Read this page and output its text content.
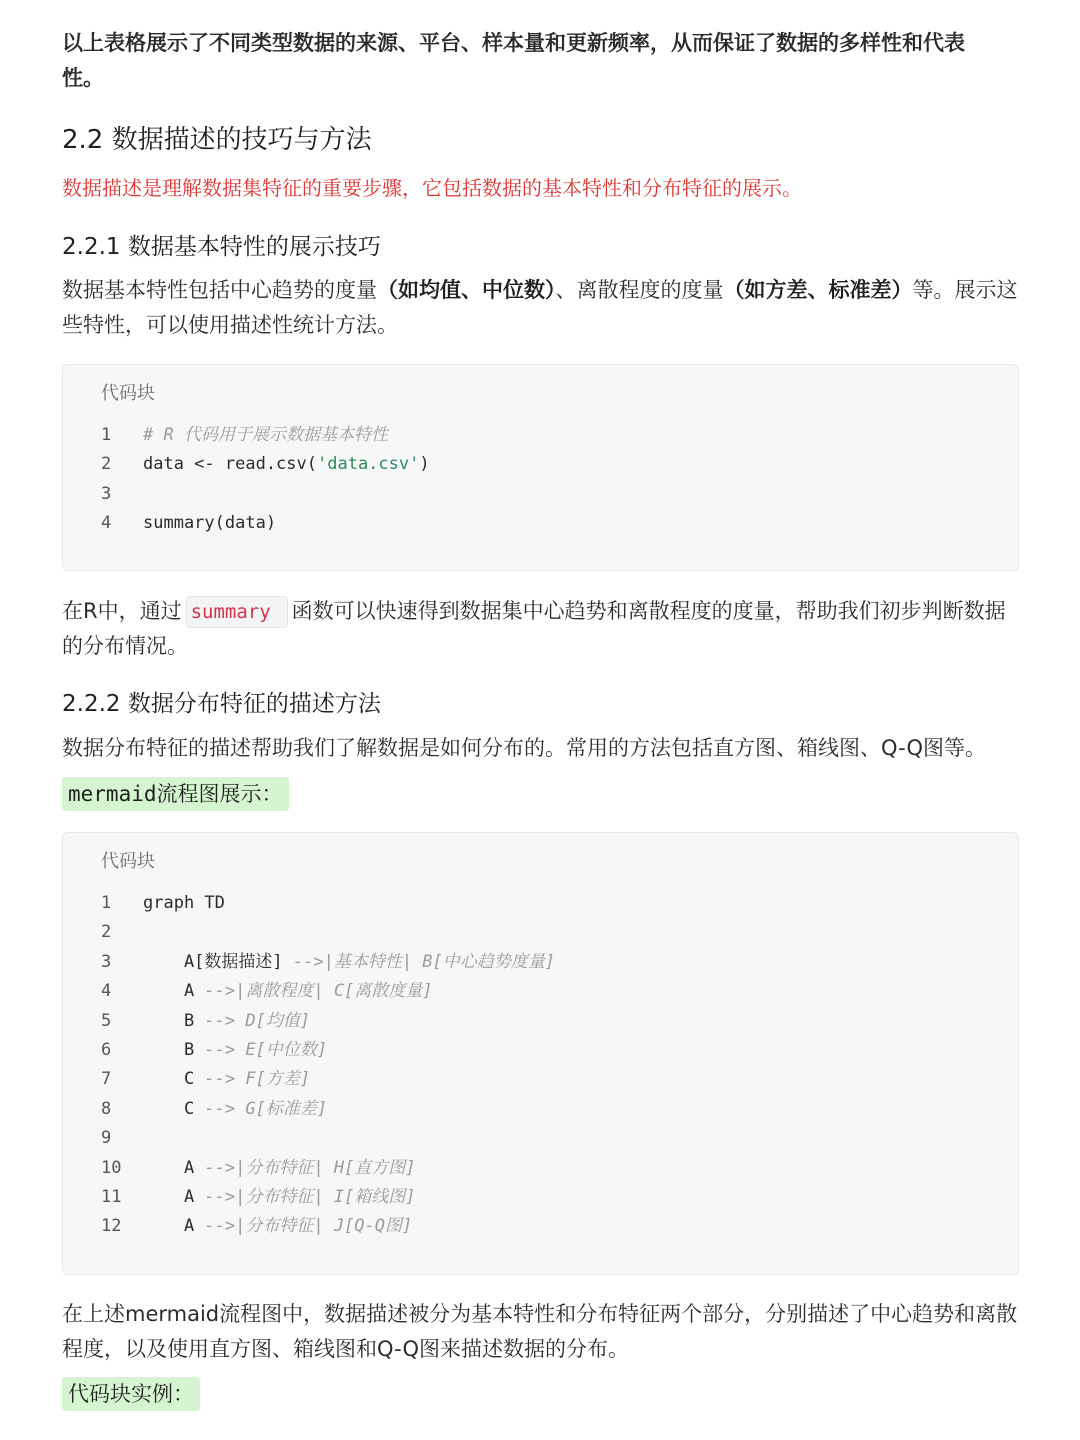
以上表格展示了不同类型数据的来源、平台、样本量和更新频率，从而保证了数据的多样性和代表性。

2.2 数据描述的技巧与方法

数据描述是理解数据集特征的重要步骤，它包括数据的基本特性和分布特征的展示。

2.2.1 数据基本特性的展示技巧

数据基本特性包括中心趋势的度量（如均值、中位数）、离散程度的度量（如方差、标准差）等。展示这些特性，可以使用描述性统计方法。

代码块
1	# R 代码用于展示数据基本特性
2	data <- read.csv('data.csv')
3
4	summary(data)

在R中，通过 summary 函数可以快速得到数据集中心趋势和离散程度的度量，帮助我们初步判断数据的分布情况。

2.2.2 数据分布特征的描述方法

数据分布特征的描述帮助我们了解数据是如何分布的。常用的方法包括直方图、箱线图、Q-Q图等。

mermaid流程图展示：
代码块
1	graph TD
2
3	A[数据描述] -->|基本特性| B[中心趋势度量]
4	A -->|离散程度| C[离散度量]
5	B --> D[均值]
6	B --> E[中位数]
7	C --> F[方差]
8	C --> G[标准差]
9
10	A -->|分布特征| H[直方图]
11	A -->|分布特征| I[箱线图]
12	A -->|分布特征| J[Q-Q图]

在上述mermaid流程图中，数据描述被分为基本特性和分布特征两个部分，分别描述了中心趋势和离散程度，以及使用直方图、箱线图和Q-Q图来描述数据的分布。

代码块实例：
